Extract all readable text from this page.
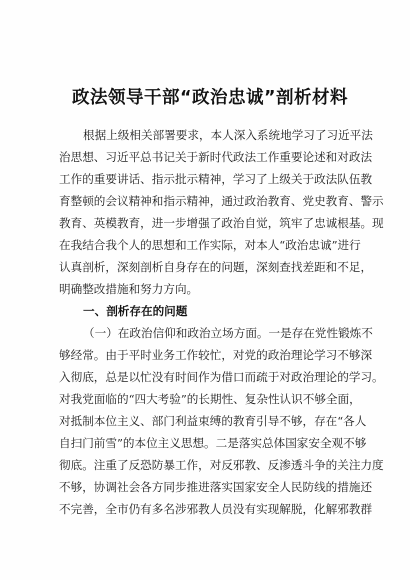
政法领导干部“政治忠诚”剖析材料
根据上级相关部署要求，本人深入系统地学习了习近平法
治思想、习近平总书记关于新时代政法工作重要论述和对政法
工作的重要讲话、指示批示精神，学习了上级关于政法队伍教
育整顿的会议精神和指示精神，通过政治教育、党史教育、警示
教育、英模教育，进一步增强了政治自觉，筑牢了忠诚根基。现
在我结合我个人的思想和工作实际，对本人“政治忠诚”进行
认真剖析，深刻剖析自身存在的问题，深刻查找差距和不足，
明确整改措施和努力方向。
一、剖析存在的问题
（一）在政治信仰和政治立场方面。一是存在党性锻炼不
够经常。由于平时业务工作较忙，对党的政治理论学习不够深
入彻底，总是以忙没有时间作为借口而疏于对政治理论的学习。
对我党面临的“四大考验”的长期性、复杂性认识不够全面，
对抵制本位主义、部门利益束缚的教育引导不够，存在“各人
自扫门前雪”的本位主义思想。二是落实总体国家安全观不够
彻底。注重了反恐防暴工作，对反邪教、反渗透斗争的关注力度
不够，协调社会各方同步推进落实国家安全人民防线的措施还
不完善，全市仍有多名涉邪教人员没有实现解脱，化解邪教群
